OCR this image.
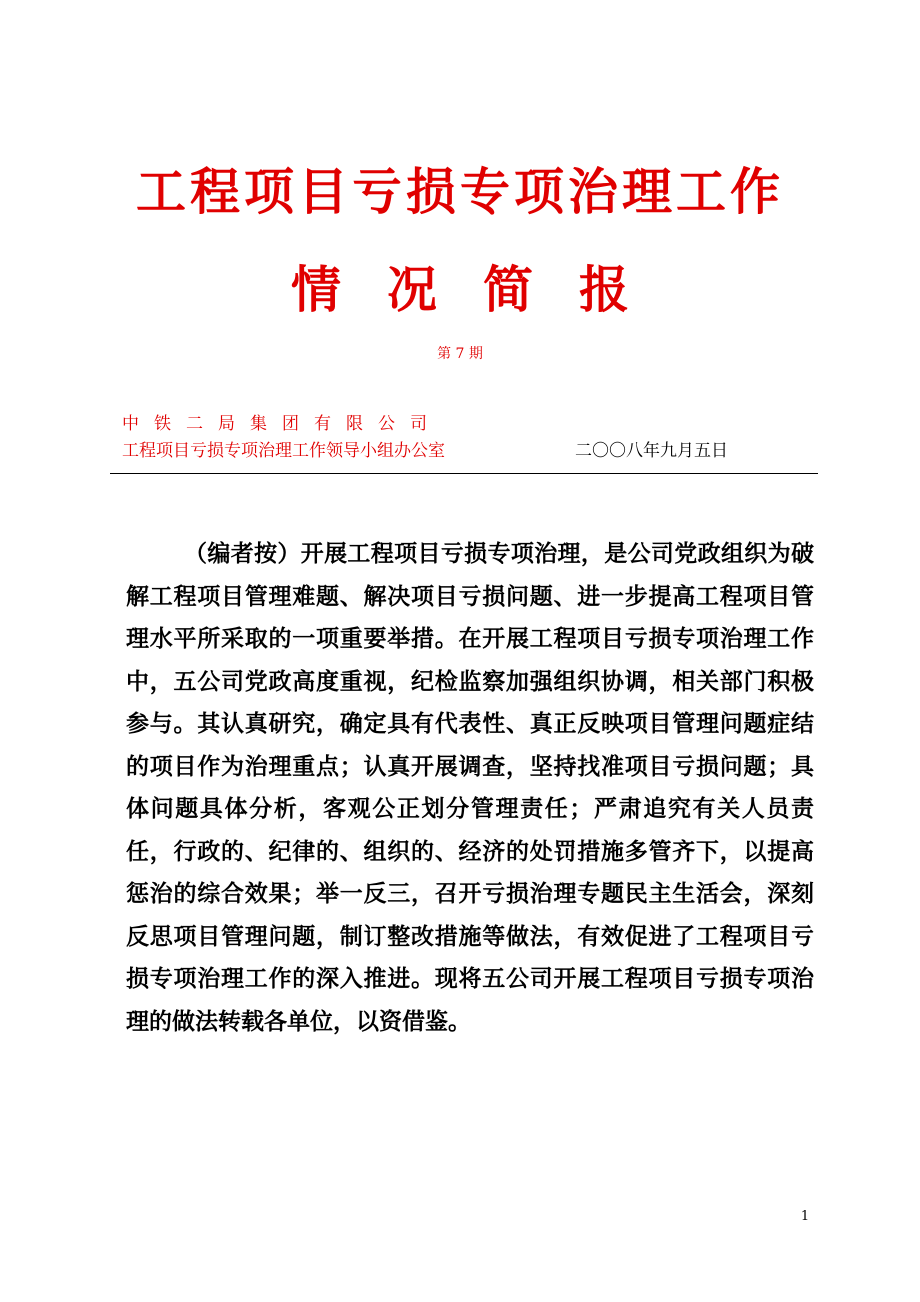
工程项目亏损专项治理工作
情况简报
第 7 期
中铁二局集团有限公司
工程项目亏损专项治理工作领导小组办公室	二〇〇八年九月五日

（编者按）开展工程项目亏损专项治理，是公司党政组织为破解工程项目管理难题、解决项目亏损问题、进一步提高工程项目管理水平所采取的一项重要举措。在开展工程项目亏损专项治理工作中，五公司党政高度重视，纪检监察加强组织协调，相关部门积极参与。其认真研究，确定具有代表性、真正反映项目管理问题症结的项目作为治理重点；认真开展调查，坚持找准项目亏损问题；具体问题具体分析，客观公正划分管理责任；严肃追究有关人员责任，行政的、纪律的、组织的、经济的处罚措施多管齐下，以提高惩治的综合效果；举一反三，召开亏损治理专题民主生活会，深刻反思项目管理问题，制订整改措施等做法，有效促进了工程项目亏损专项治理工作的深入推进。现将五公司开展工程项目亏损专项治理的做法转载各单位，以资借鉴。

1
